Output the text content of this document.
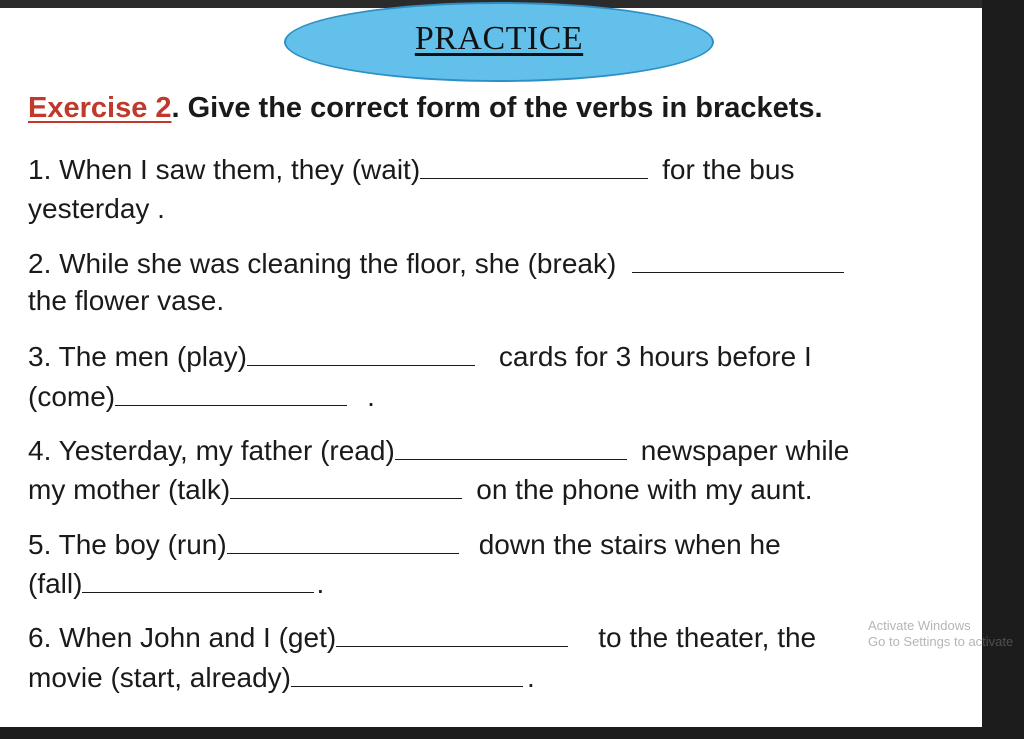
PRACTICE
Exercise 2. Give the correct form of the verbs in brackets.
1. When I saw them, they (wait)	for the bus
yesterday .
2. While she was cleaning the floor, she (break)
the flower vase.
3. The men (play)	cards for 3 hours before I
(come)	.
4. Yesterday, my father (read)	newspaper while
my mother (talk)	on the phone with my aunt.
5. The boy (run)	down the stairs when he
(fall)	.
6. When John and I (get)	to the theater, the
movie (start, already)	.
Activate Windows
Go to Settings to activate
